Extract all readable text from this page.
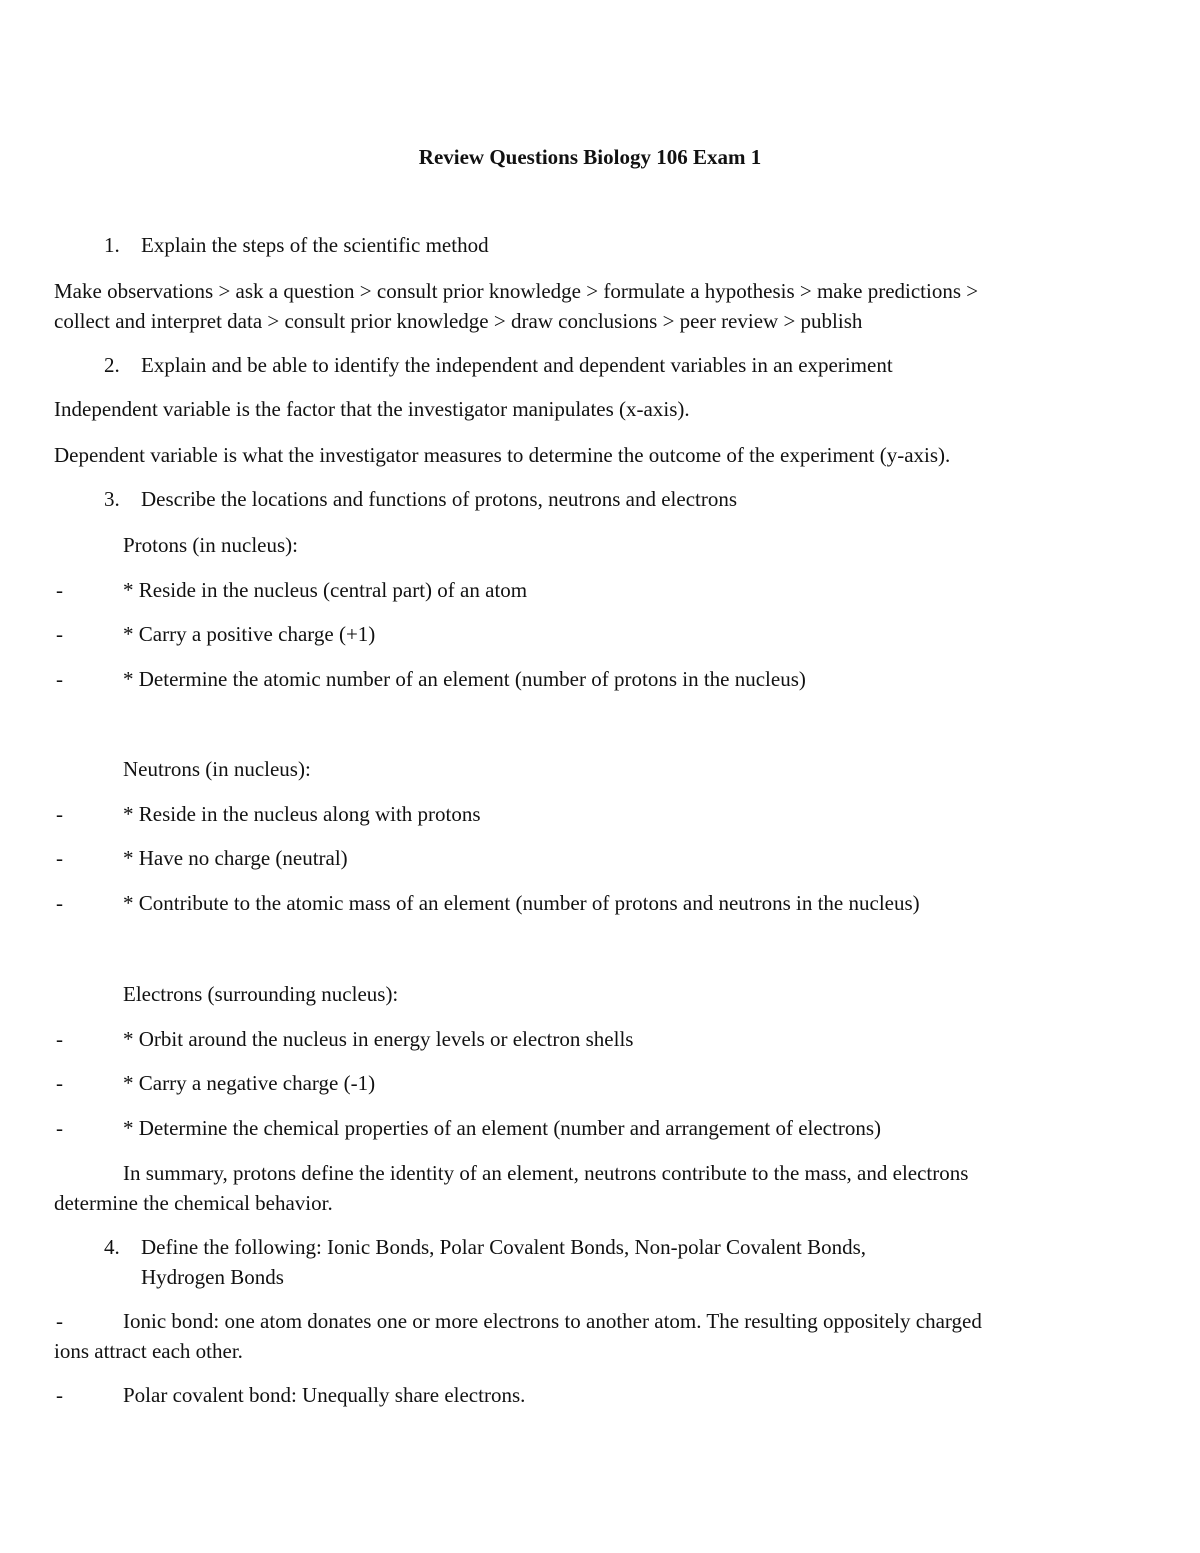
Review Questions Biology 106 Exam 1
1. Explain the steps of the scientific method
Make observations > ask a question > consult prior knowledge > formulate a hypothesis > make predictions >
collect and interpret data > consult prior knowledge > draw conclusions > peer review > publish
2. Explain and be able to identify the independent and dependent variables in an experiment
Independent variable is the factor that the investigator manipulates (x-axis).
Dependent variable is what the investigator measures to determine the outcome of the experiment (y-axis).
3. Describe the locations and functions of protons, neutrons and electrons
Protons (in nucleus):
-	* Reside in the nucleus (central part) of an atom
-	* Carry a positive charge (+1)
-	* Determine the atomic number of an element (number of protons in the nucleus)
Neutrons (in nucleus):
-	* Reside in the nucleus along with protons
-	* Have no charge (neutral)
-	* Contribute to the atomic mass of an element (number of protons and neutrons in the nucleus)
Electrons (surrounding nucleus):
-	* Orbit around the nucleus in energy levels or electron shells
-	* Carry a negative charge (-1)
-	* Determine the chemical properties of an element (number and arrangement of electrons)
In summary, protons define the identity of an element, neutrons contribute to the mass, and electrons
determine the chemical behavior.
4. Define the following: Ionic Bonds, Polar Covalent Bonds, Non-polar Covalent Bonds,
Hydrogen Bonds
-	Ionic bond: one atom donates one or more electrons to another atom. The resulting oppositely charged
ions attract each other.
-	Polar covalent bond: Unequally share electrons.
